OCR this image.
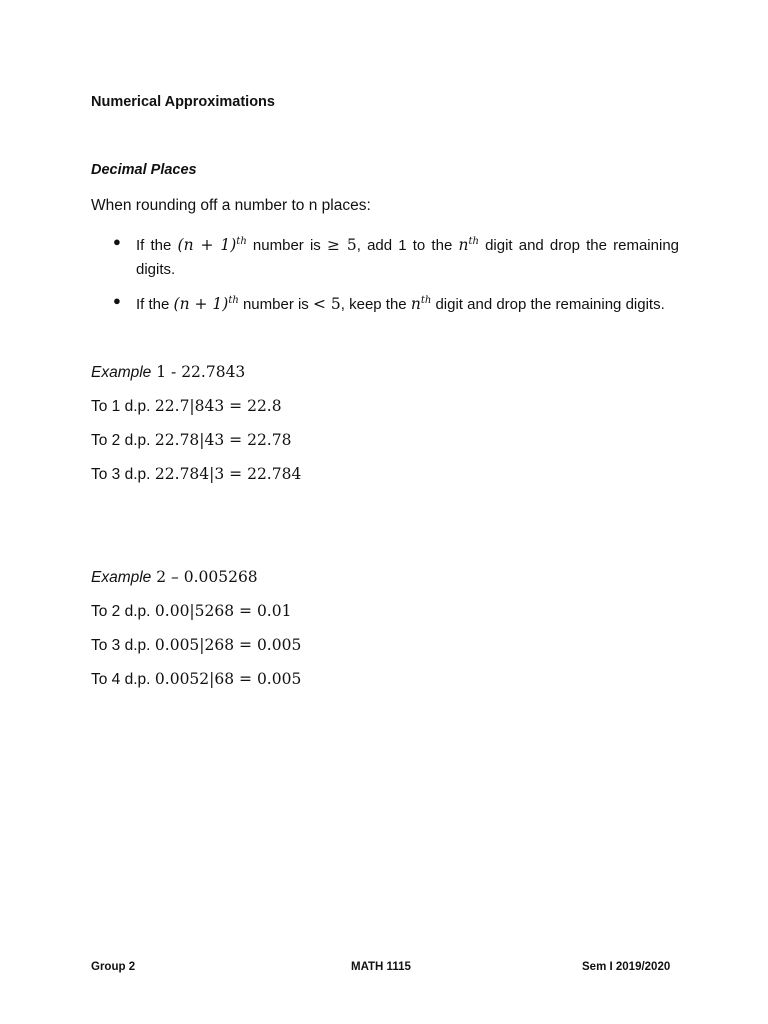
Numerical Approximations
Decimal Places
When rounding off a number to n places:
● If the $(n + 1)^{th}$ number is ≥ 5, add 1 to the $n^{th}$ digit and drop the remaining digits.
● If the $(n + 1)^{th}$ number is < 5, keep the $n^{th}$ digit and drop the remaining digits.
Example 1 - 22.7843
To 1 d.p. 22.7|843 = 22.8
To 2 d.p. 22.78|43 = 22.78
To 3 d.p. 22.784|3 = 22.784
Example 2 – 0.005268
To 2 d.p. 0.00|5268 = 0.01
To 3 d.p. 0.005|268 = 0.005
To 4 d.p. 0.0052|68 = 0.005
Group 2	MATH 1115	Sem I 2019/2020
